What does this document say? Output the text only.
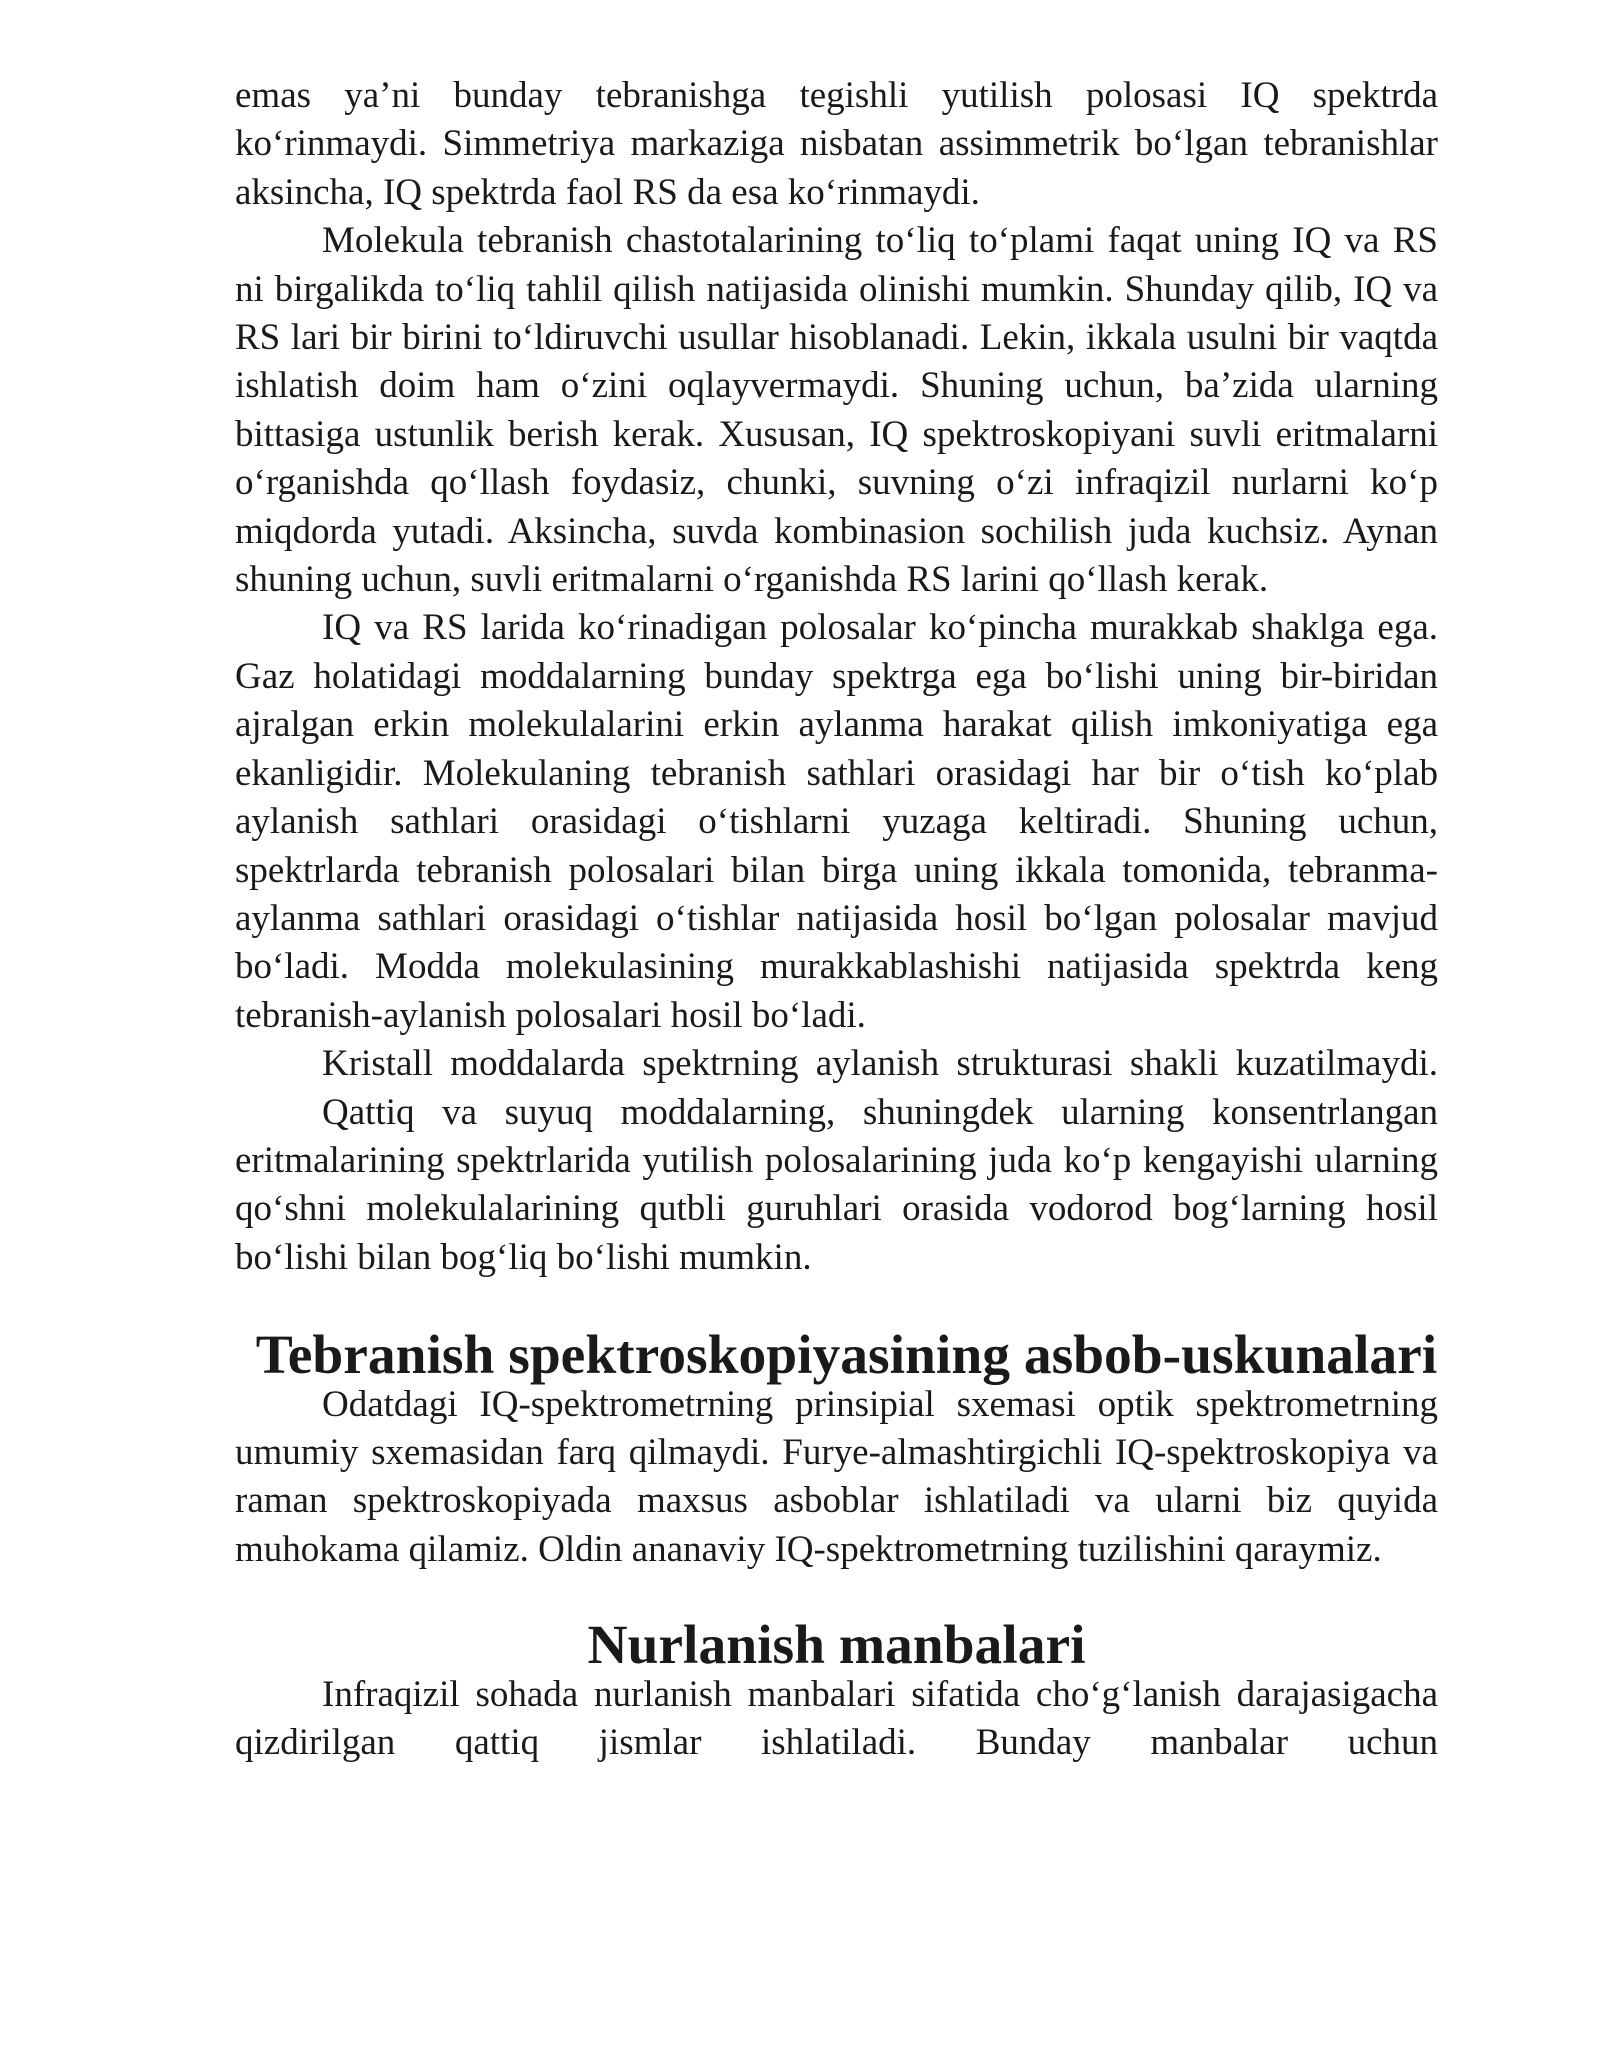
emas ya’ni bunday tebranishga tegishli yutilish polosasi IQ spektrda ko‘rinmaydi. Simmetriya markaziga nisbatan assimmetrik bo‘lgan tebranishlar aksincha, IQ spektrda faol RS da esa ko‘rinmaydi.

Molekula tebranish chastotalarining to‘liq to‘plami faqat uning IQ va RS ni birgalikda to‘liq tahlil qilish natijasida olinishi mumkin. Shunday qilib, IQ va RS lari bir birini to‘ldiruvchi usullar hisoblanadi. Lekin, ikkala usulni bir vaqtda ishlatish doim ham o‘zini oqlayvermaydi. Shuning uchun, ba’zida ularning bittasiga ustunlik berish kerak. Xususan, IQ spektroskopiyani suvli eritmalarni o‘rganishda qo‘llash foydasiz, chunki, suvning o‘zi infraqizil nurlarni ko‘p miqdorda yutadi. Aksincha, suvda kombinasion sochilish juda kuchsiz. Aynan shuning uchun, suvli eritmalarni o‘rganishda RS larini qo‘llash kerak.

IQ va RS larida ko‘rinadigan polosalar ko‘pincha murakkab shaklga ega. Gaz holatidagi moddalarning bunday spektrga ega bo‘lishi uning bir-biridan ajralgan erkin molekulalarini erkin aylanma harakat qilish imkoniyatiga ega ekanligidir. Molekulaning tebranish sathlari orasidagi har bir o‘tish ko‘plab aylanish sathlari orasidagi o‘tishlarni yuzaga keltiradi. Shuning uchun, spektrlarda tebranish polosalari bilan birga uning ikkala tomonida, tebranma-aylanma sathlari orasidagi o‘tishlar natijasida hosil bo‘lgan polosalar mavjud bo‘ladi. Modda molekulasining murakkablashishi natijasida spektrda keng tebranish-aylanish polosalari hosil bo‘ladi.

Kristall moddalarda spektrning aylanish strukturasi shakli kuzatilmaydi.

Qattiq va suyuq moddalarning, shuningdek ularning konsentrlangan eritmalarining spektrlarida yutilish polosalarining juda ko‘p kengayishi ularning qo‘shni molekulalarining qutbli guruhlari orasida vodorod bog‘larning hosil bo‘lishi bilan bog‘liq bo‘lishi mumkin.

Tebranish spektroskopiyasining asbob-uskunalari

Odatdagi IQ-spektrometrning prinsipial sxemasi optik spektrometrning umumiy sxemasidan farq qilmaydi. Furye-almashtirgichli IQ-spektroskopiya va raman spektroskopiyada maxsus asboblar ishlatiladi va ularni biz quyida muhokama qilamiz. Oldin ananaviy IQ-spektrometrning tuzilishini qaraymiz.

Nurlanish manbalari

Infraqizil sohada nurlanish manbalari sifatida cho‘g‘lanish darajasigacha qizdirilgan qattiq jismlar ishlatiladi. Bunday manbalar uchun
